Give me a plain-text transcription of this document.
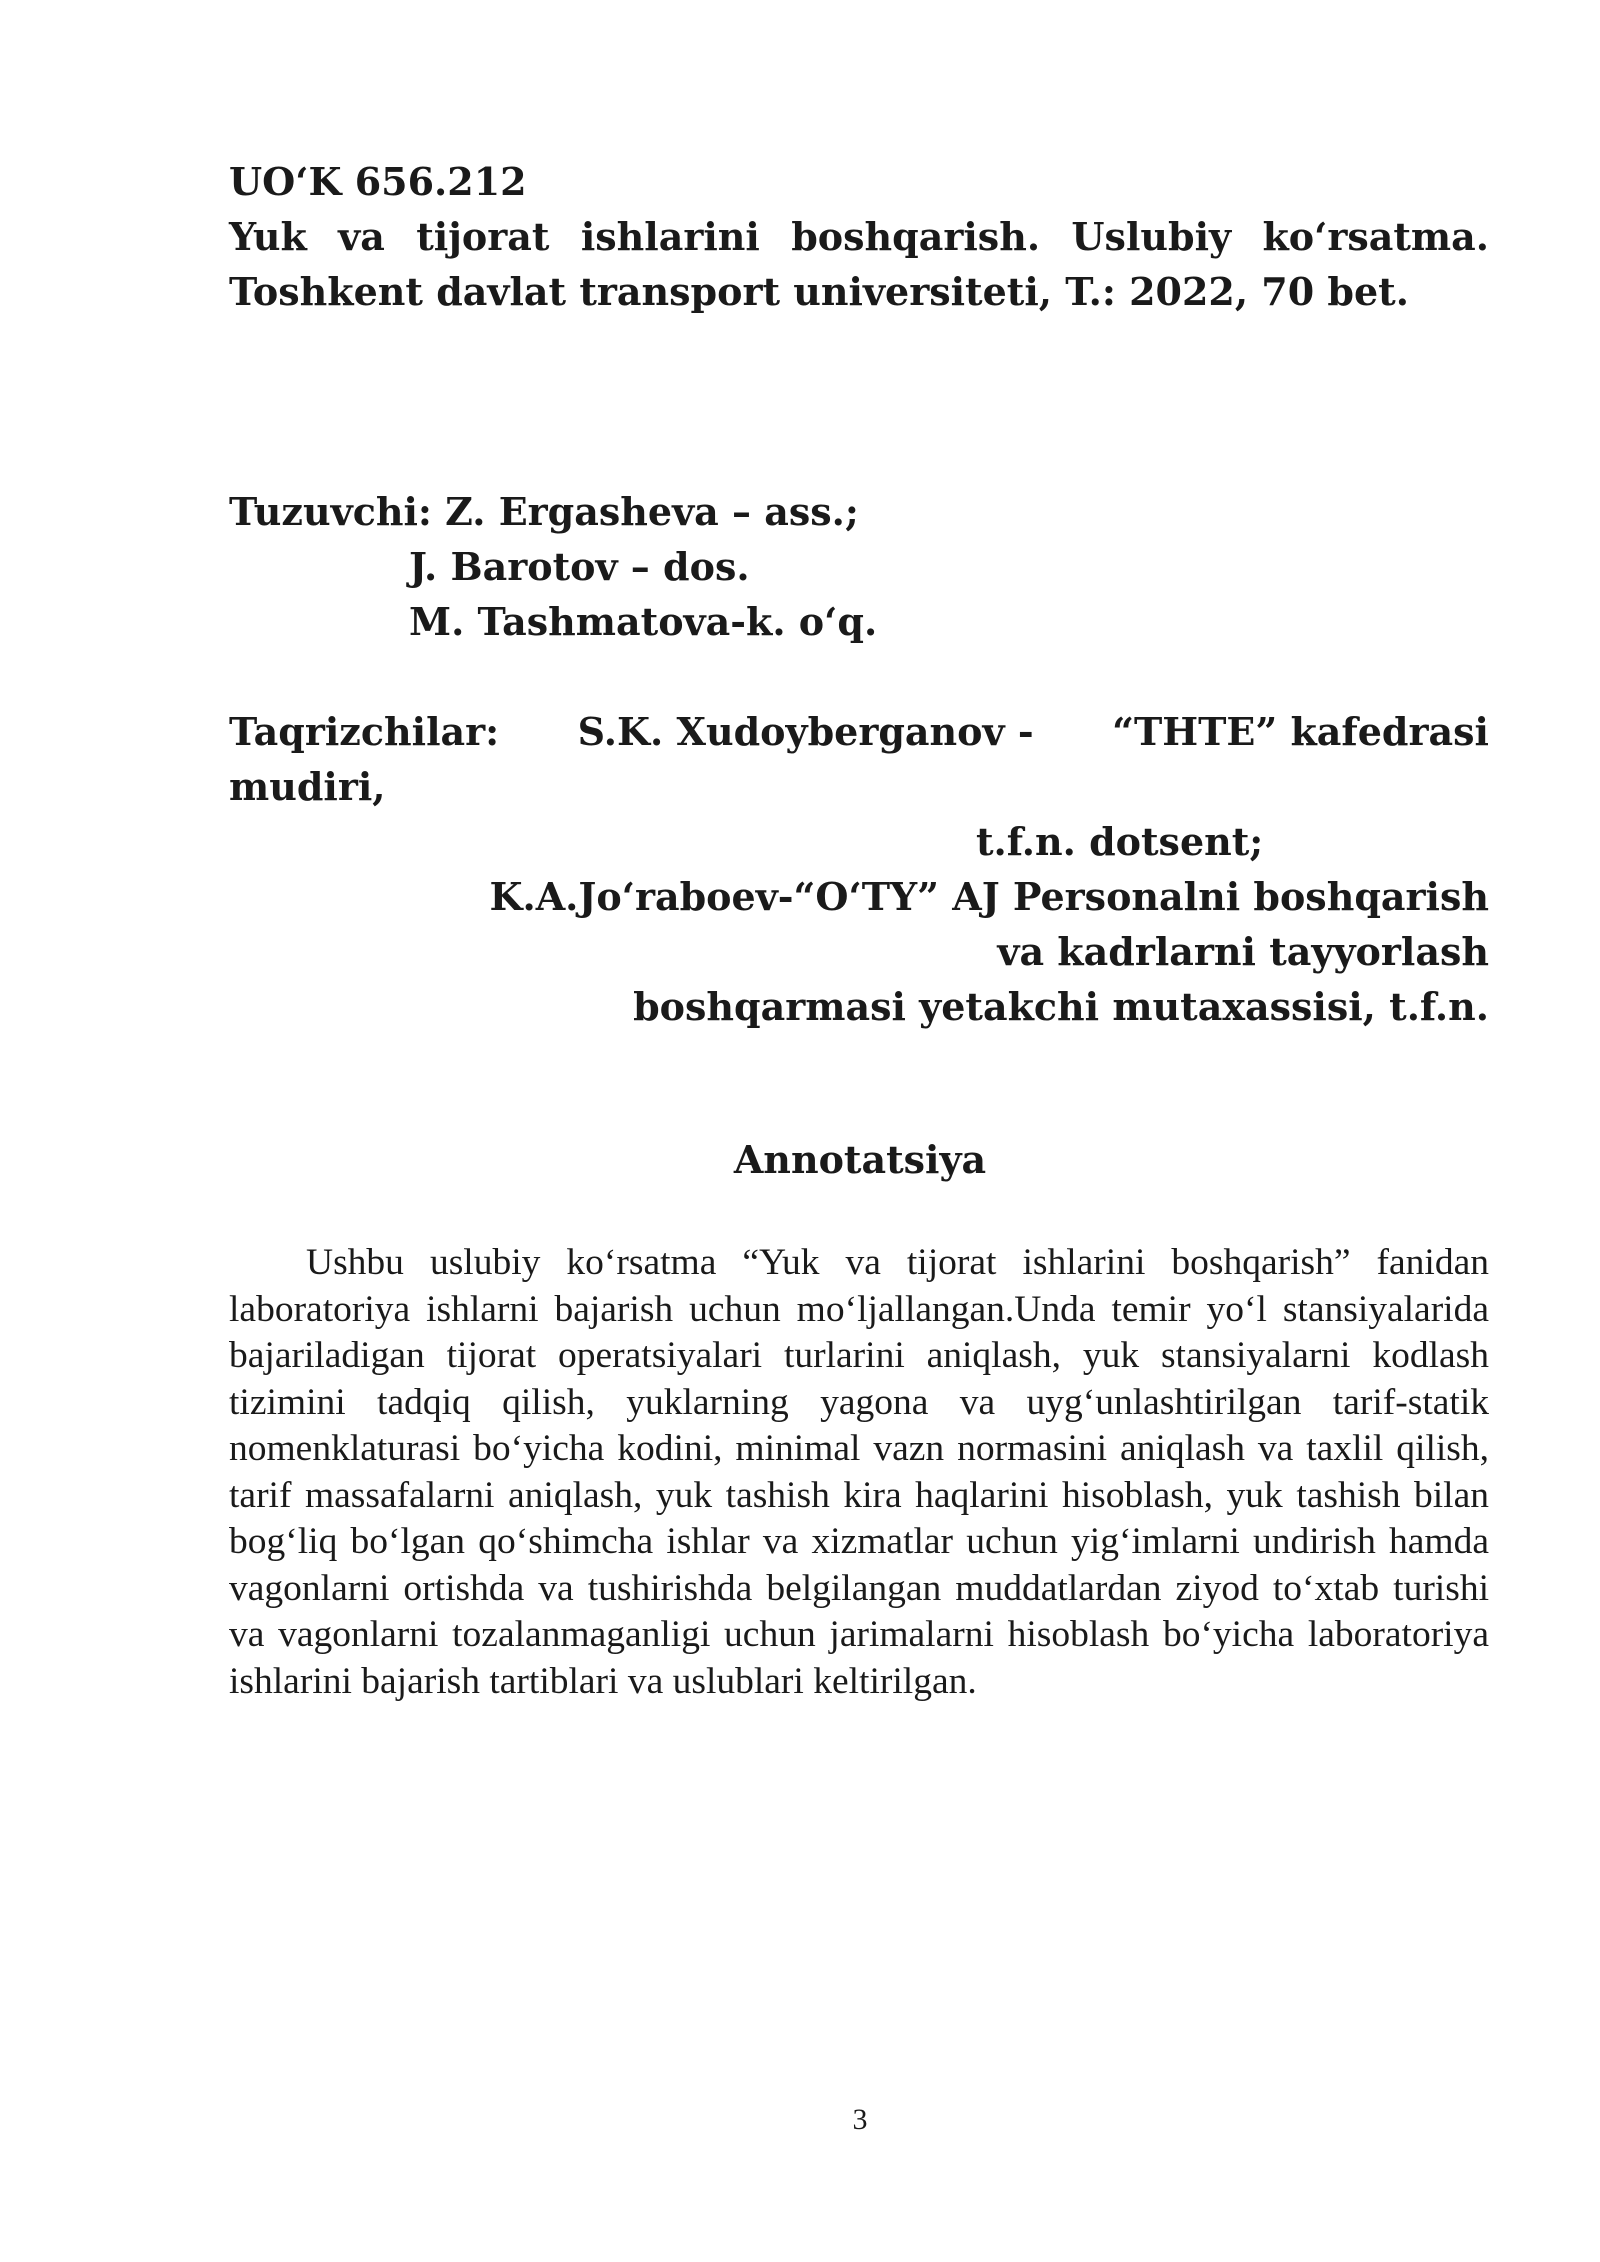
UO‘K 656.212
Yuk va tijorat ishlarini boshqarish. Uslubiy ko‘rsatma.
Toshkent davlat transport universiteti, T.: 2022, 70 bet.
Tuzuvchi: Z. Ergasheva – ass.;
J. Barotov – dos.
M. Tashmatova-k. o‘q.
Taqrizchilar: S.K. Xudoyberganov - “THTE” kafedrasi
mudiri,
t.f.n. dotsent;
K.A.Jo‘raboev-“O‘TY” AJ Personalni boshqarish
va kadrlarni tayyorlash
boshqarmasi yetakchi mutaxassisi, t.f.n.
Annotatsiya

Ushbu uslubiy ko‘rsatma “Yuk va tijorat ishlarini boshqarish” fanidan laboratoriya ishlarni bajarish uchun mo‘ljallangan.Unda temir yo‘l stansiyalarida bajariladigan tijorat operatsiyalari turlarini aniqlash, yuk stansiyalarni kodlash tizimini tadqiq qilish, yuklarning yagona va uyg‘unlashtirilgan tarif-statik nomenklaturasi bo‘yicha kodini, minimal vazn normasini aniqlash va taxlil qilish, tarif massafalarni aniqlash, yuk tashish kira haqlarini hisoblash, yuk tashish bilan bog‘liq bo‘lgan qo‘shimcha ishlar va xizmatlar uchun yig‘imlarni undirish hamda vagonlarni ortishda va tushirishda belgilangan muddatlardan ziyod to‘xtab turishi va vagonlarni tozalanmaganligi uchun jarimalarni hisoblash bo‘yicha laboratoriya ishlarini bajarish tartiblari va uslublari keltirilgan.

3
